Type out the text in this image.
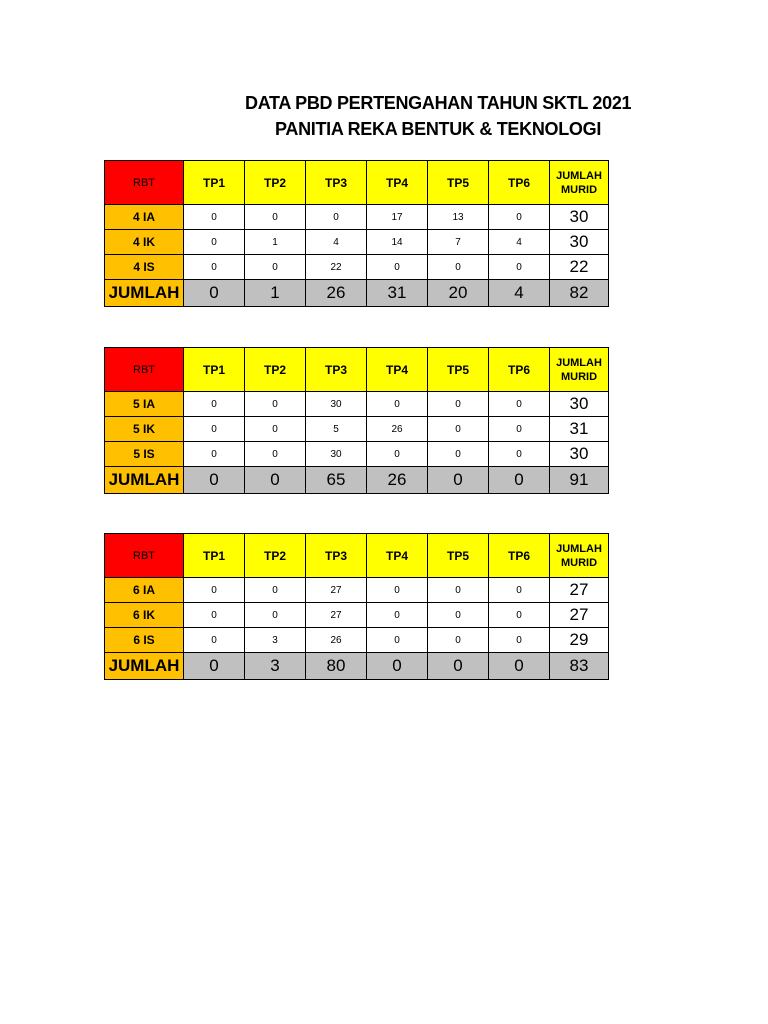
DATA PBD PERTENGAHAN TAHUN SKTL 2021
PANITIA REKA BENTUK & TEKNOLOGI
RBT	TP1	TP2	TP3	TP4	TP5	TP6	JUMLAH
MURID
4 IA	0	0	0	17	13	0	30
4 IK	0	1	4	14	7	4	30
4 IS	0	0	22	0	0	0	22
JUMLAH	0	1	26	31	20	4	82
RBT	TP1	TP2	TP3	TP4	TP5	TP6	JUMLAH
MURID
5 IA	0	0	30	0	0	0	30
5 IK	0	0	5	26	0	0	31
5 IS	0	0	30	0	0	0	30
JUMLAH	0	0	65	26	0	0	91
RBT	TP1	TP2	TP3	TP4	TP5	TP6	JUMLAH
MURID
6 IA	0	0	27	0	0	0	27
6 IK	0	0	27	0	0	0	27
6 IS	0	3	26	0	0	0	29
JUMLAH	0	3	80	0	0	0	83
